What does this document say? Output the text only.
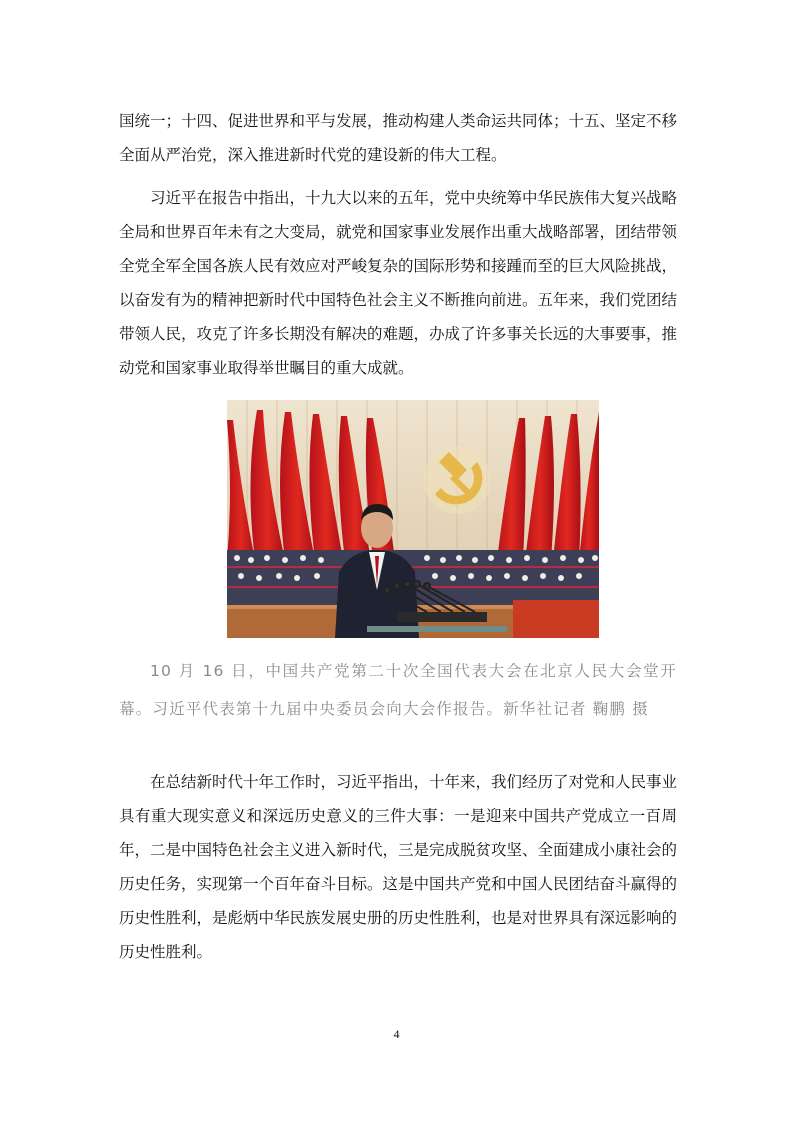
国统一；十四、促进世界和平与发展，推动构建人类命运共同体；十五、坚定不移全面从严治党，深入推进新时代党的建设新的伟大工程。

习近平在报告中指出，十九大以来的五年，党中央统筹中华民族伟大复兴战略全局和世界百年未有之大变局，就党和国家事业发展作出重大战略部署，团结带领全党全军全国各族人民有效应对严峻复杂的国际形势和接踵而至的巨大风险挑战，以奋发有为的精神把新时代中国特色社会主义不断推向前进。五年来，我们党团结带领人民，攻克了许多长期没有解决的难题，办成了许多事关长远的大事要事，推动党和国家事业取得举世瞩目的重大成就。

10 月 16 日，中国共产党第二十次全国代表大会在北京人民大会堂开幕。习近平代表第十九届中央委员会向大会作报告。新华社记者 鞠鹏 摄

在总结新时代十年工作时，习近平指出，十年来，我们经历了对党和人民事业具有重大现实意义和深远历史意义的三件大事：一是迎来中国共产党成立一百周年，二是中国特色社会主义进入新时代，三是完成脱贫攻坚、全面建成小康社会的历史任务，实现第一个百年奋斗目标。这是中国共产党和中国人民团结奋斗赢得的历史性胜利，是彪炳中华民族发展史册的历史性胜利，也是对世界具有深远影响的历史性胜利。

4
